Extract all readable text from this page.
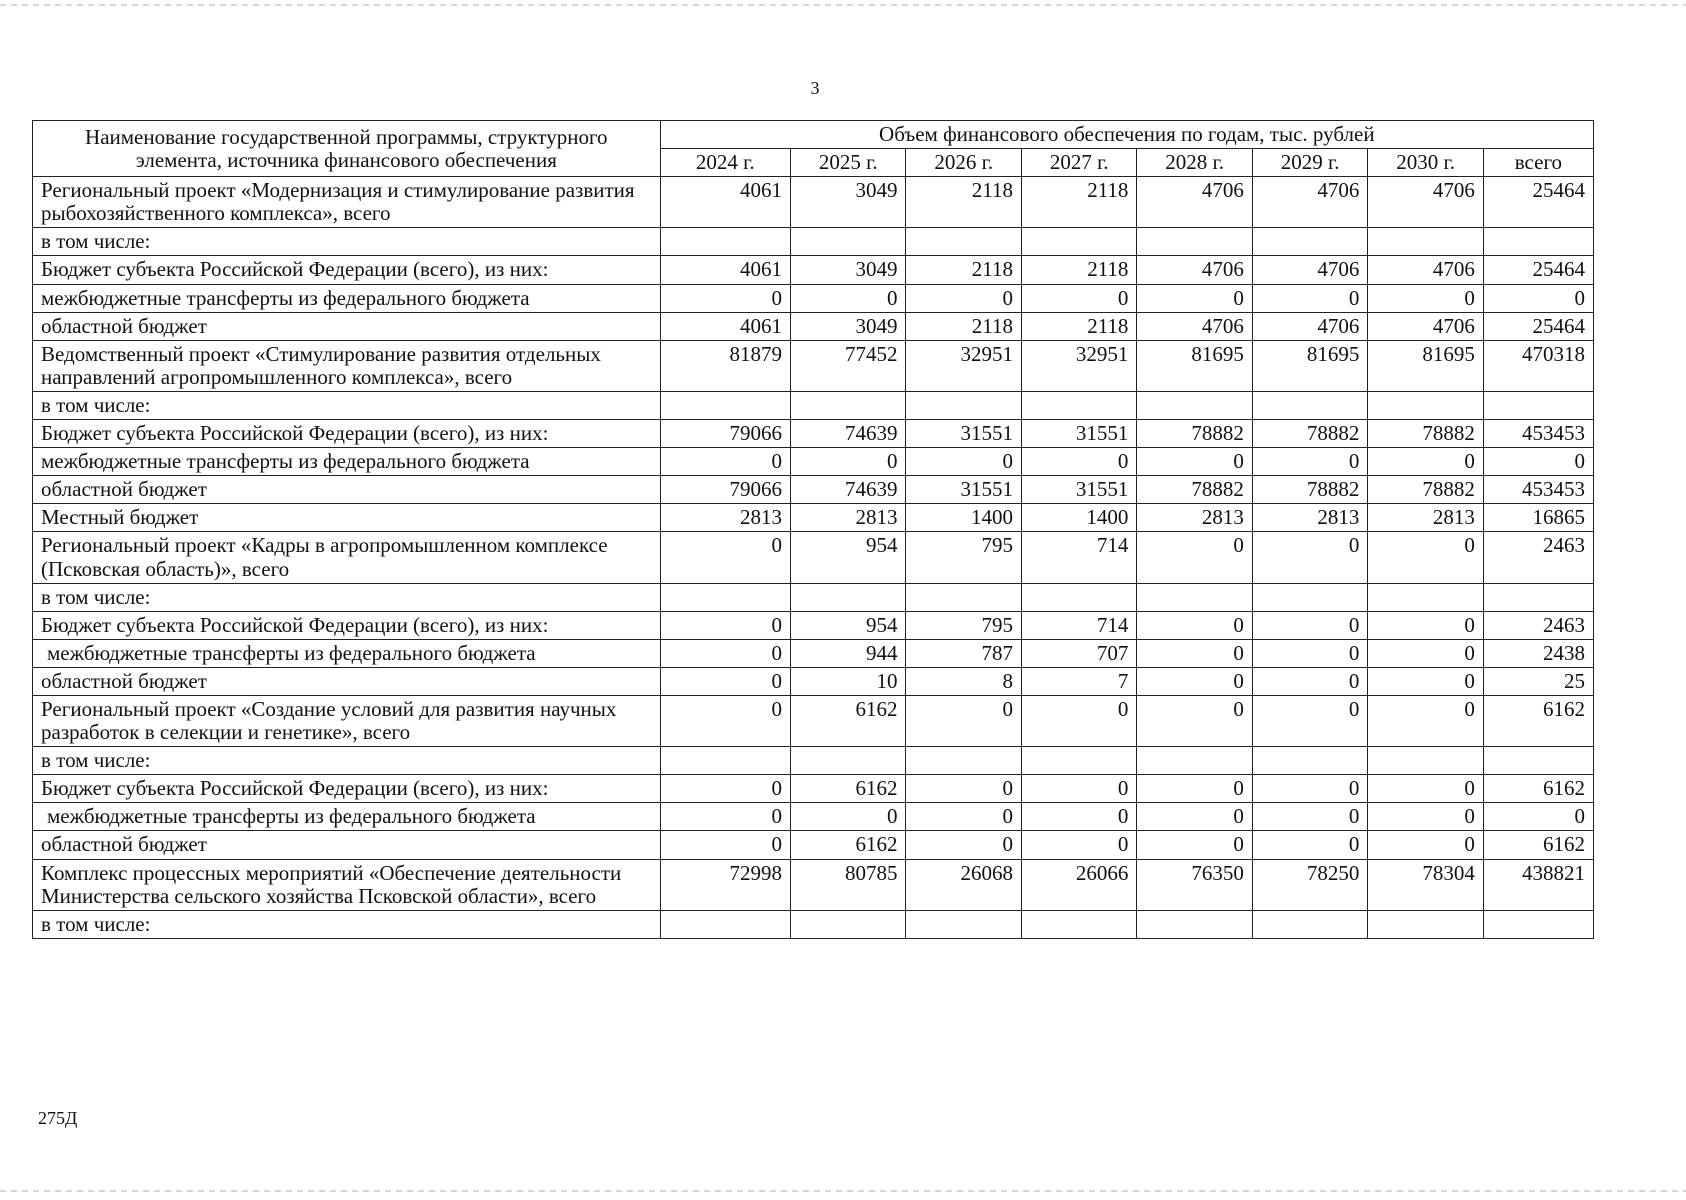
3
Наименование государственной программы, структурного элемента, источника финансового обеспечения	Объем финансового обеспечения по годам, тыс. рублей							
	2024 г.	2025 г.	2026 г.	2027 г.	2028 г.	2029 г.	2030 г.	всего
Региональный проект «Модернизация и стимулирование развития рыбохозяйственного комплекса», всего	4061	3049	2118	2118	4706	4706	4706	25464
в том числе:								
Бюджет субъекта Российской Федерации (всего), из них:	4061	3049	2118	2118	4706	4706	4706	25464
межбюджетные трансферты из федерального бюджета	0	0	0	0	0	0	0	0
областной бюджет	4061	3049	2118	2118	4706	4706	4706	25464
Ведомственный проект «Стимулирование развития отдельных направлений агропромышленного комплекса», всего	81879	77452	32951	32951	81695	81695	81695	470318
в том числе:								
Бюджет субъекта Российской Федерации (всего), из них:	79066	74639	31551	31551	78882	78882	78882	453453
межбюджетные трансферты из федерального бюджета	0	0	0	0	0	0	0	0
областной бюджет	79066	74639	31551	31551	78882	78882	78882	453453
Местный бюджет	2813	2813	1400	1400	2813	2813	2813	16865
Региональный проект «Кадры в агропромышленном комплексе (Псковская область)», всего	0	954	795	714	0	0	0	2463
в том числе:								
Бюджет субъекта Российской Федерации (всего), из них:	0	954	795	714	0	0	0	2463
межбюджетные трансферты из федерального бюджета	0	944	787	707	0	0	0	2438
областной бюджет	0	10	8	7	0	0	0	25
Региональный проект «Создание условий для развития научных разработок в селекции и генетике», всего	0	6162	0	0	0	0	0	6162
в том числе:								
Бюджет субъекта Российской Федерации (всего), из них:	0	6162	0	0	0	0	0	6162
межбюджетные трансферты из федерального бюджета	0	0	0	0	0	0	0	0
областной бюджет	0	6162	0	0	0	0	0	6162
Комплекс процессных мероприятий «Обеспечение деятельности Министерства сельского хозяйства Псковской области», всего	72998	80785	26068	26066	76350	78250	78304	438821
в том числе:								
275Д
